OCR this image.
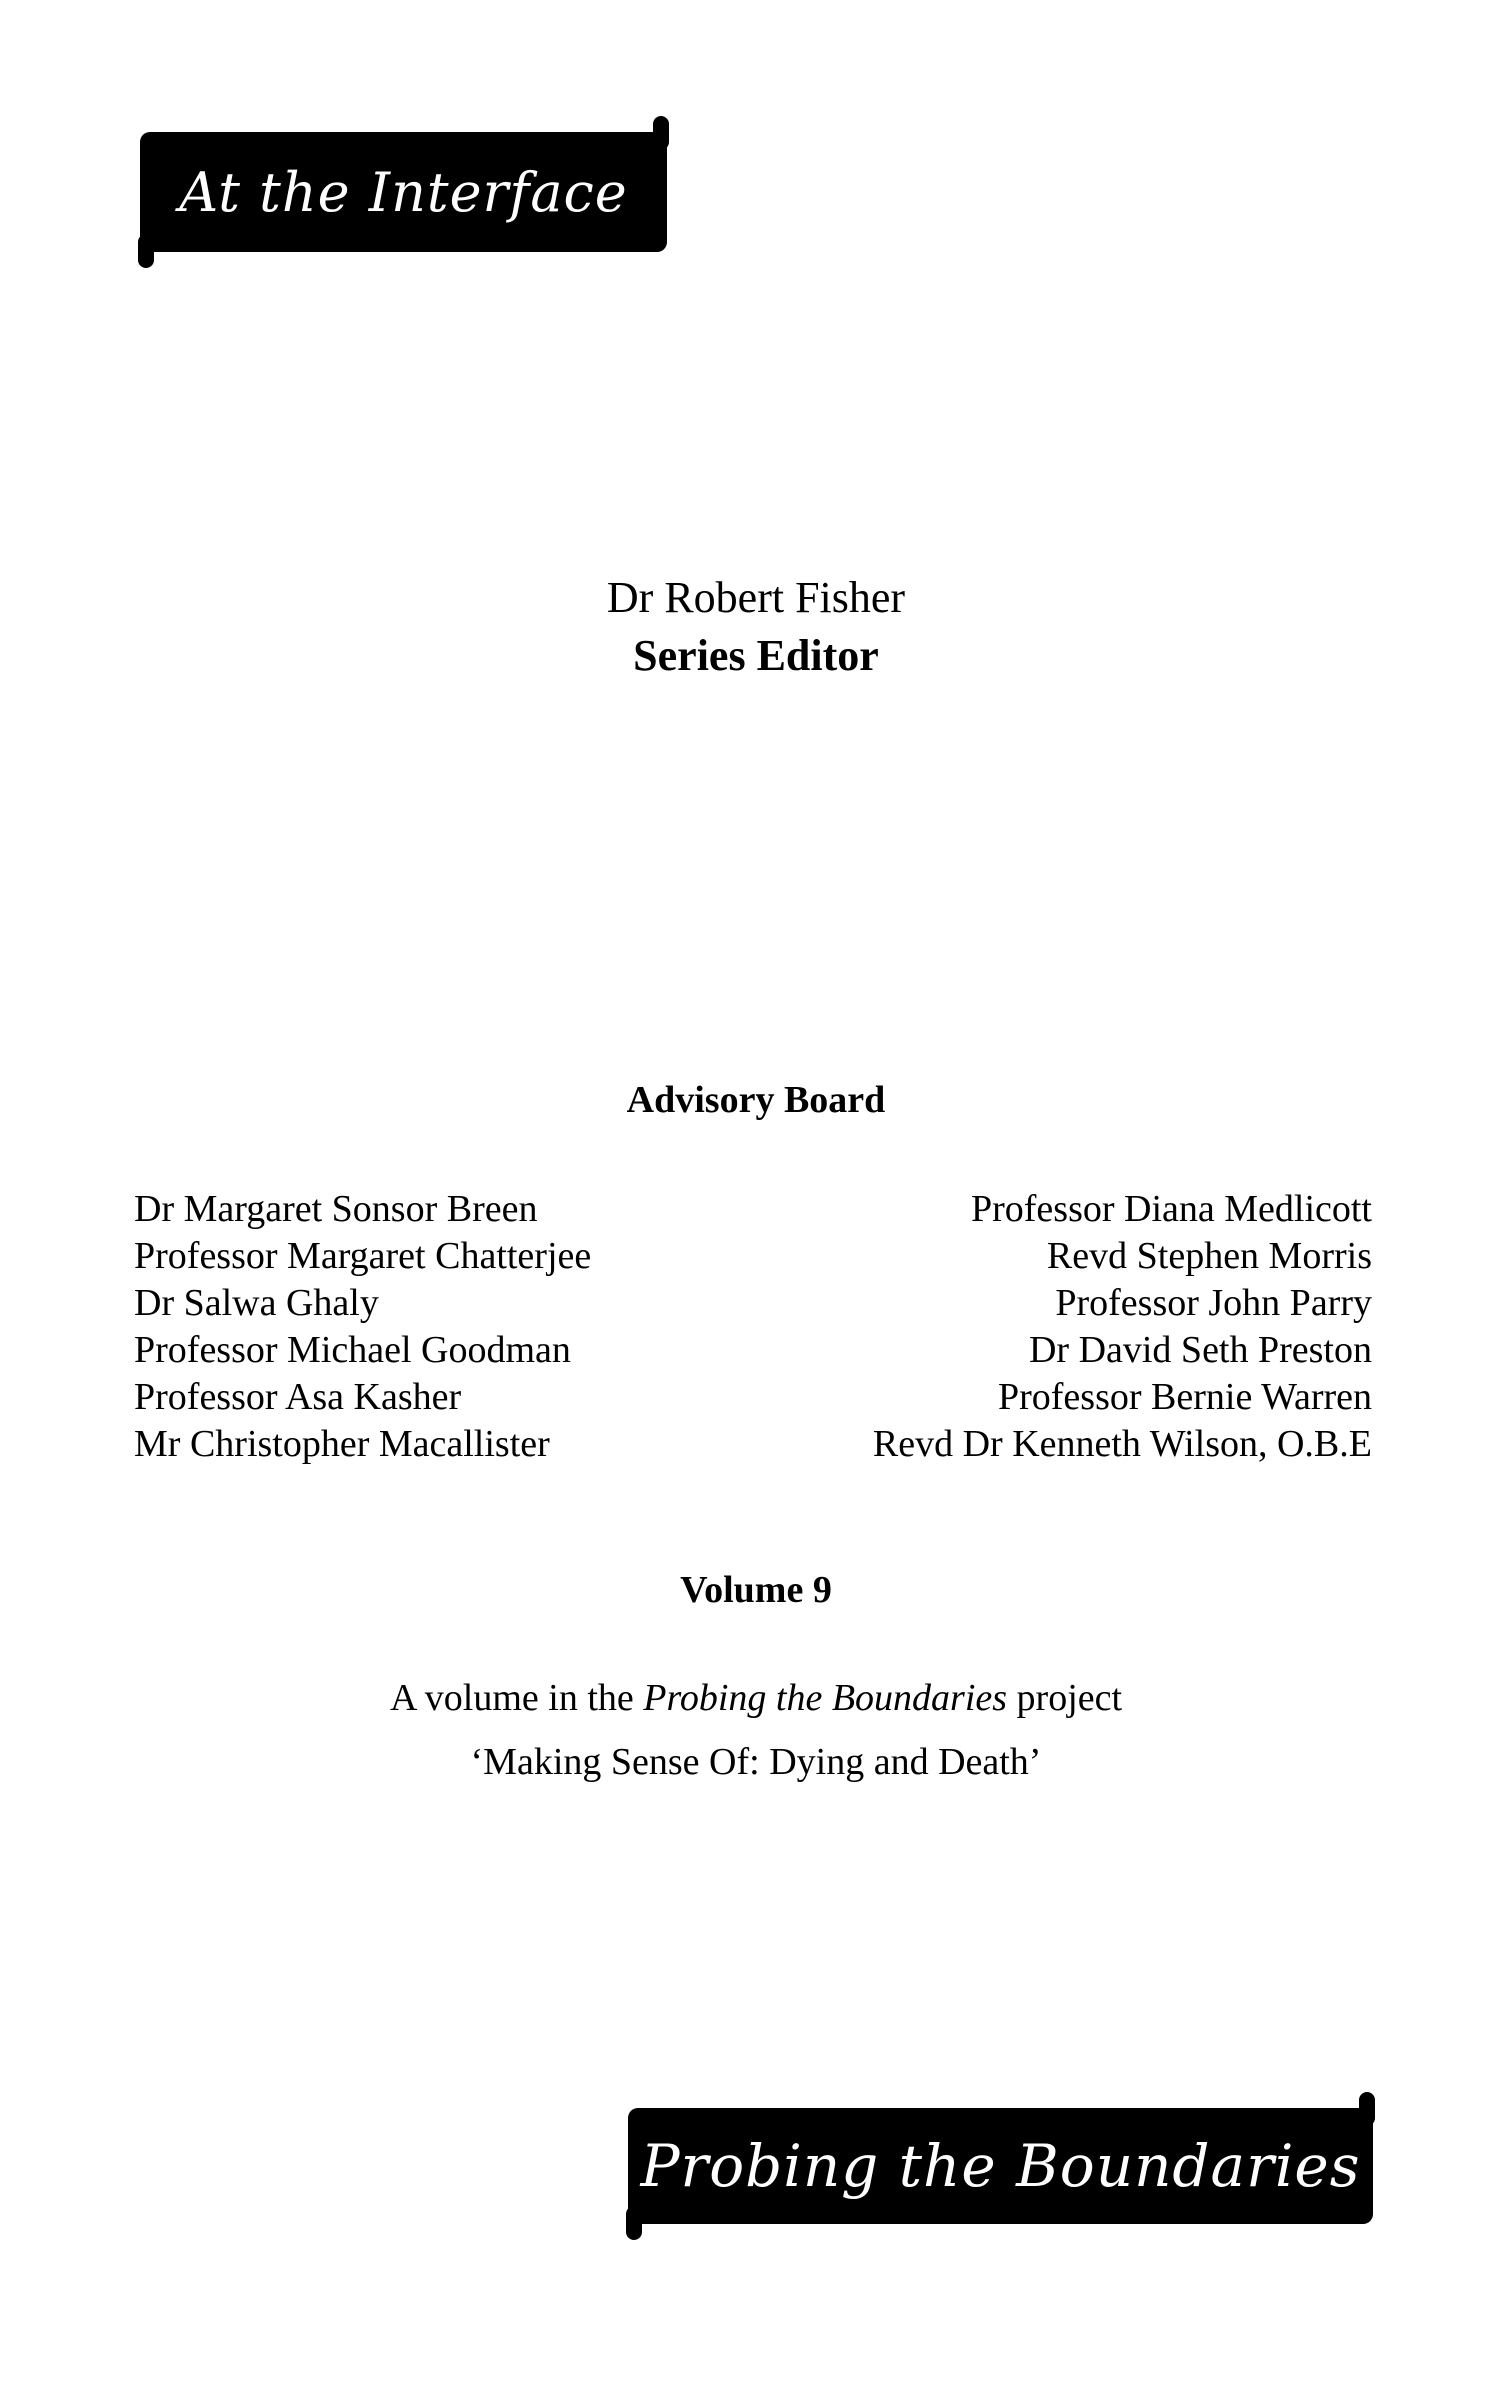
At the Interface
Dr Robert Fisher
Series Editor
Advisory Board
Dr Margaret Sonsor Breen
Professor Margaret Chatterjee
Dr Salwa Ghaly
Professor Michael Goodman
Professor Asa Kasher
Mr Christopher Macallister
Professor Diana Medlicott
Revd Stephen Morris
Professor John Parry
Dr David Seth Preston
Professor Bernie Warren
Revd Dr Kenneth Wilson, O.B.E
Volume 9
A volume in the Probing the Boundaries project
‘Making Sense Of: Dying and Death’
Probing the Boundaries
